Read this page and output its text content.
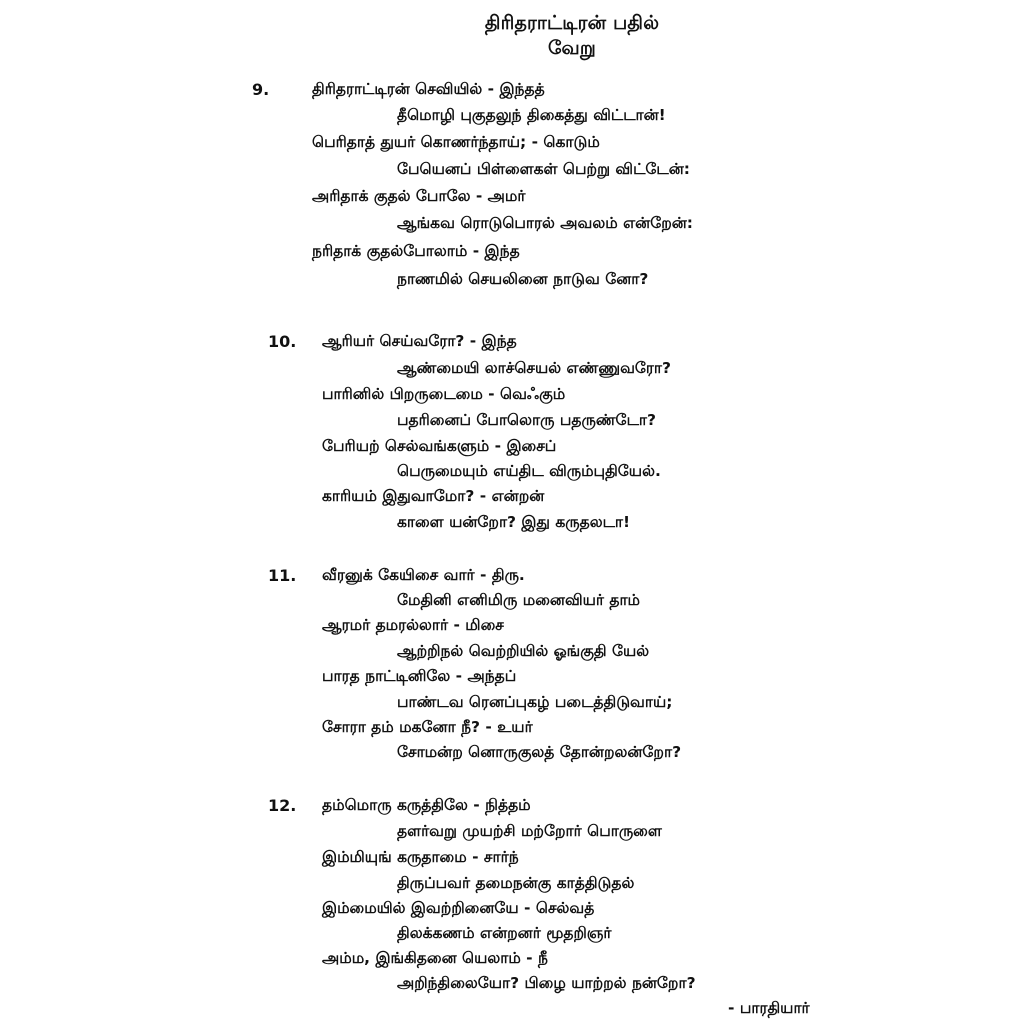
திரிதராட்டிரன் பதில்
வேறு
9.	திரிதராட்டிரன் செவியில் - இந்தத்
தீமொழி புகுதலுந் திகைத்து விட்டான்!
பெரிதாத் துயர் கொணர்ந்தாய்; - கொடும்
பேயெனப் பிள்ளைகள் பெற்று விட்டேன்:
அரிதாக் குதல் போலே - அமர்
ஆங்கவ ரொடுபொரல் அவலம் என்றேன்:
நரிதாக் குதல்போலாம் - இந்த
நாணமில் செயலினை நாடுவ னோ?
10. ஆரியர் செய்வரோ? - இந்த
ஆண்மையி லாச்செயல் எண்ணுவரோ?
பாரினில் பிறருடைமை - வெஃகும்
பதரினைப் போலொரு பதருண்டோ?
பேரியற் செல்வங்களும் - இசைப்
பெருமையும் எய்திட விரும்புதியேல்.
காரியம் இதுவாமோ? - என்றன்
காளை யன்றோ? இது கருதலடா!
11. வீரனுக் கேயிசை வார் - திரு.
மேதினி எனிமிரு மனைவியர் தாம்
ஆரமர் தமரல்லார் - மிசை
ஆற்றிநல் வெற்றியில் ஓங்குதி யேல்
பாரத நாட்டினிலே - அந்தப்
பாண்டவ ரெனப்புகழ் படைத்திடுவாய்;
சோரா தம் மகனோ நீ? - உயர்
சோமன்ற னொருகுலத் தோன்றலன்றோ?
12. தம்மொரு கருத்திலே - நித்தம்
தளர்வறு முயற்சி மற்றோர் பொருளை
இம்மியுங் கருதாமை - சார்ந்
திருப்பவர் தமைநன்கு காத்திடுதல்
இம்மையில் இவற்றினையே - செல்வத்
திலக்கணம் என்றனர் மூதறிஞர்
அம்ம, இங்கிதனை யெலாம் - நீ
அறிந்திலையோ? பிழை யாற்றல் நன்றோ?
- பாரதியார்
